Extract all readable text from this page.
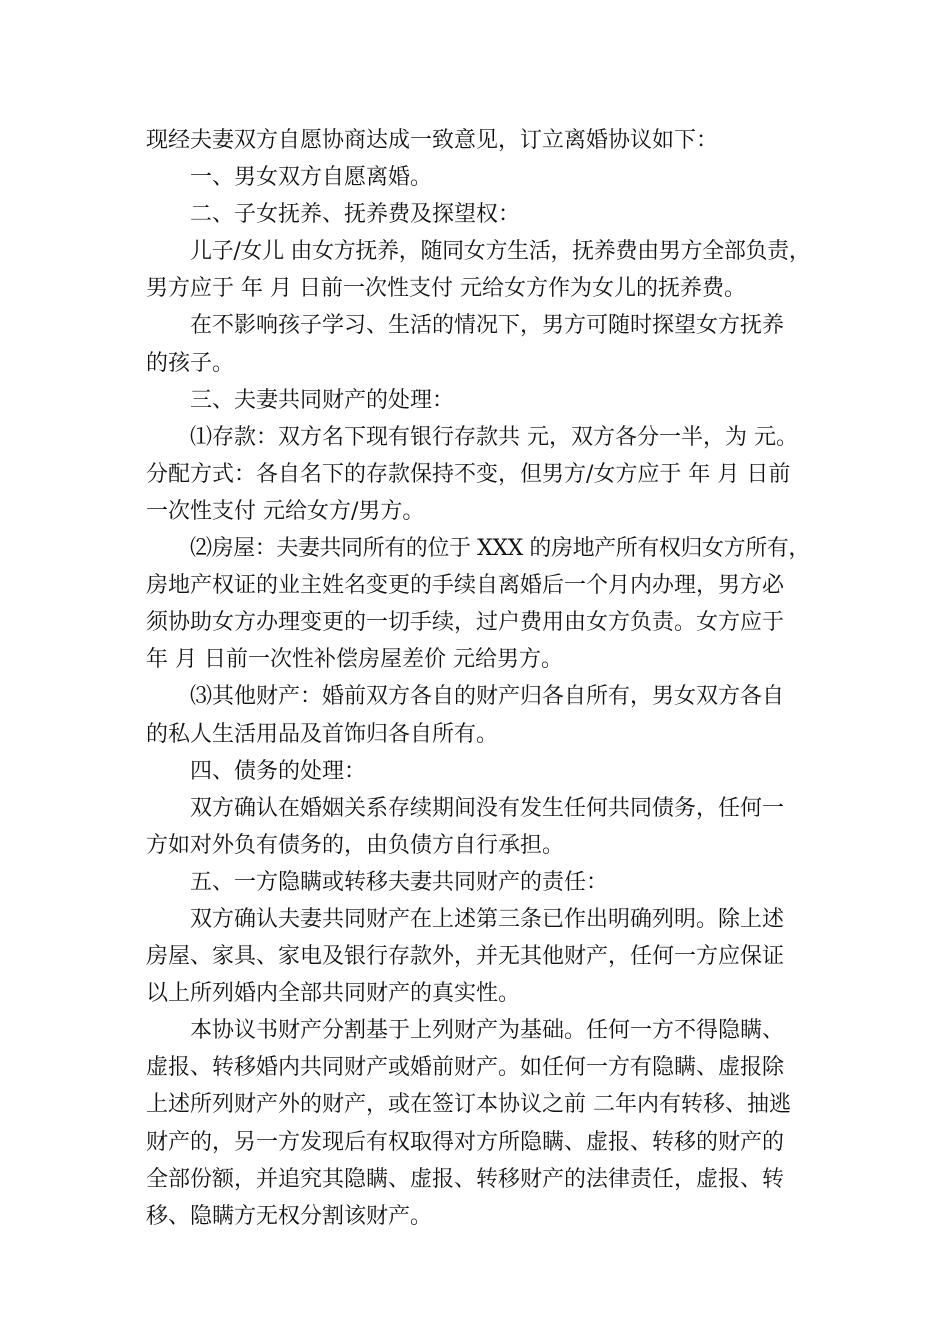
现经夫妻双方自愿协商达成一致意见，订立离婚协议如下：
一、男女双方自愿离婚。
二、子女抚养、抚养费及探望权：
儿子/女儿 由女方抚养，随同女方生活，抚养费由男方全部负责，
男方应于 年 月 日前一次性支付 元给女方作为女儿的抚养费。
在不影响孩子学习、生活的情况下，男方可随时探望女方抚养
的孩子。
三、夫妻共同财产的处理：
⑴存款：双方名下现有银行存款共 元，双方各分一半，为 元。
分配方式：各自名下的存款保持不变，但男方/女方应于 年 月 日前
一次性支付 元给女方/男方。
⑵房屋：夫妻共同所有的位于 XXX 的房地产所有权归女方所有，
房地产权证的业主姓名变更的手续自离婚后一个月内办理，男方必
须协助女方办理变更的一切手续，过户费用由女方负责。女方应于
年 月 日前一次性补偿房屋差价 元给男方。
⑶其他财产：婚前双方各自的财产归各自所有，男女双方各自
的私人生活用品及首饰归各自所有。
四、债务的处理：
双方确认在婚姻关系存续期间没有发生任何共同债务，任何一
方如对外负有债务的，由负债方自行承担。
五、一方隐瞒或转移夫妻共同财产的责任：
双方确认夫妻共同财产在上述第三条已作出明确列明。除上述
房屋、家具、家电及银行存款外，并无其他财产，任何一方应保证
以上所列婚内全部共同财产的真实性。
本协议书财产分割基于上列财产为基础。任何一方不得隐瞒、
虚报、转移婚内共同财产或婚前财产。如任何一方有隐瞒、虚报除
上述所列财产外的财产，或在签订本协议之前 二年内有转移、抽逃
财产的，另一方发现后有权取得对方所隐瞒、虚报、转移的财产的
全部份额，并追究其隐瞒、虚报、转移财产的法律责任，虚报、转
移、隐瞒方无权分割该财产。
